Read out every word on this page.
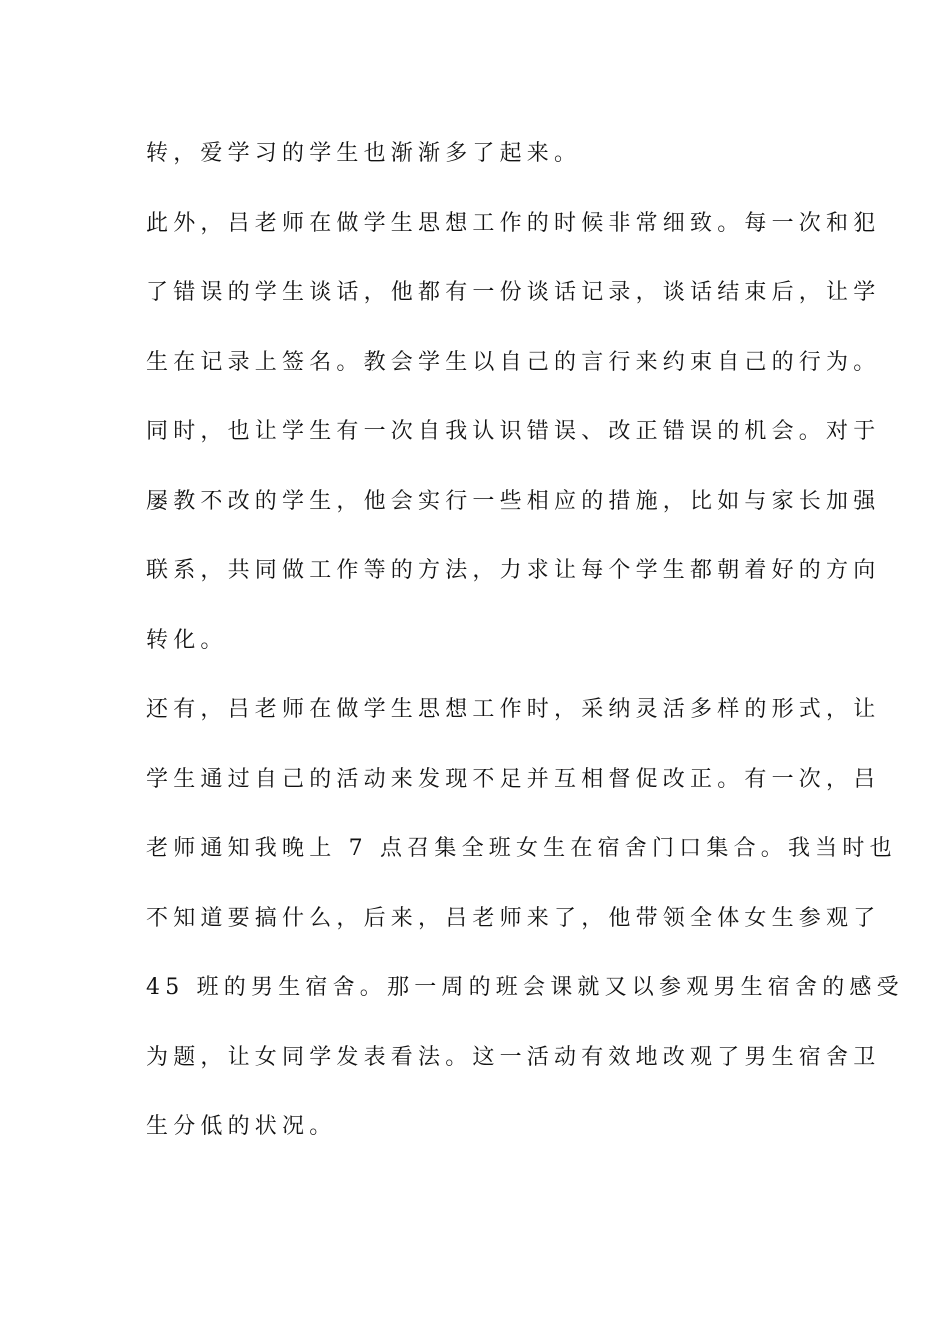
转，爱学习的学生也渐渐多了起来。
此外，吕老师在做学生思想工作的时候非常细致。每一次和犯
了错误的学生谈话，他都有一份谈话记录，谈话结束后，让学
生在记录上签名。教会学生以自己的言行来约束自己的行为。
同时，也让学生有一次自我认识错误、改正错误的机会。对于
屡教不改的学生，他会实行一些相应的措施，比如与家长加强
联系，共同做工作等的方法，力求让每个学生都朝着好的方向
转化。
还有，吕老师在做学生思想工作时，采纳灵活多样的形式，让
学生通过自己的活动来发现不足并互相督促改正。有一次，吕
老师通知我晚上 7 点召集全班女生在宿舍门口集合。我当时也
不知道要搞什么，后来，吕老师来了，他带领全体女生参观了
45 班的男生宿舍。那一周的班会课就又以参观男生宿舍的感受
为题，让女同学发表看法。这一活动有效地改观了男生宿舍卫
生分低的状况。
